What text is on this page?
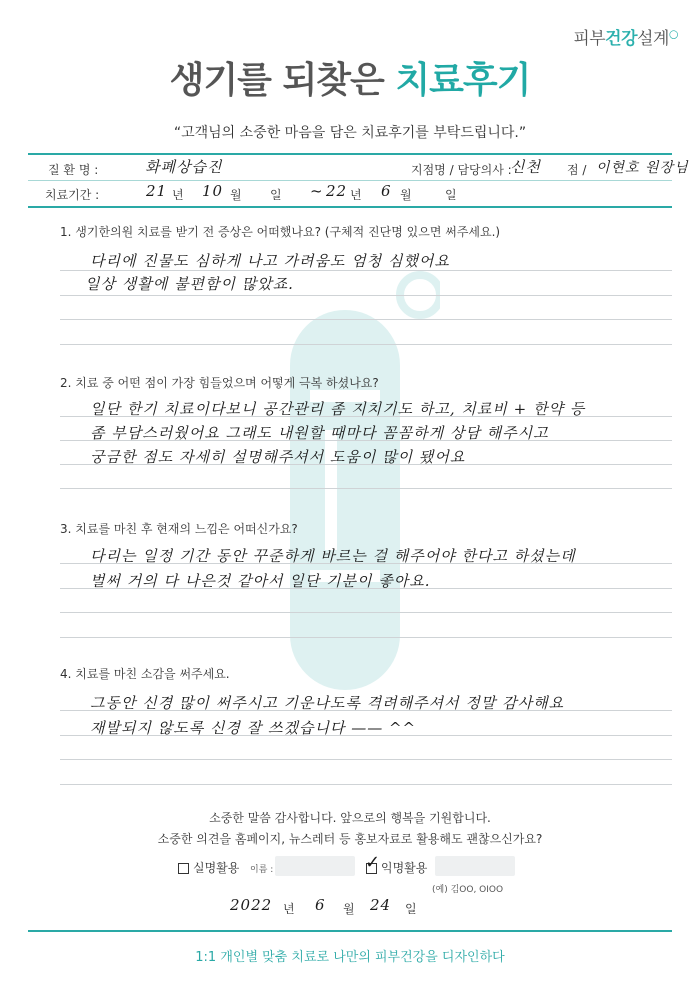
피부건강설계○
생기를 되찾은 치료후기
“고객님의 소중한 마음을 담은 치료후기를 부탁드립니다.”
질 환 명 :	화폐상습진	지점명 / 담당의사 :
신천 점 / 이현호 원장님
치료기간 :	21 년 10 월 일 ~ 22 년 6 월	일
1. 생기한의원 치료를 받기 전 증상은 어떠했나요? (구체적 진단명 있으면 써주세요.)
다리에 진물도 심하게 나고 가려움도 엄청 심했어요
일상 생활에 불편함이 많았죠.
2. 치료 중 어떤 점이 가장 힘들었으며 어떻게 극복 하셨나요?
일단 한기 치료이다보니 공간관리 좀 지치기도 하고, 치료비 + 한약 등
좀 부담스러웠어요 그래도 내원할 때마다 꼼꼼하게 상담 해주시고
궁금한 점도 자세히 설명해주셔서 도움이 많이 됐어요
3. 치료를 마친 후 현재의 느낌은 어떠신가요?
다리는 일정 기간 동안 꾸준하게 바르는 걸 해주어야 한다고 하셨는데
벌써 거의 다 나은것 같아서 일단 기분이 좋아요.
4. 치료를 마친 소감을 써주세요.
그동안 신경 많이 써주시고 기운나도록 격려해주셔서 정말 감사해요
재발되지 않도록 신경 잘 쓰겠습니다 —— ^^
소중한 말씀 감사합니다. 앞으로의 행복을 기원합니다.
소중한 의견을 홈페이지, 뉴스레터 등 홍보자료로 활용해도 괜찮으신가요?
실명활용 이름 :	✓ 익명활용
(예) 김OO, OIOO
2022 년 6 월 24 일
1:1 개인별 맞춤 치료로 나만의 피부건강을 디자인하다
